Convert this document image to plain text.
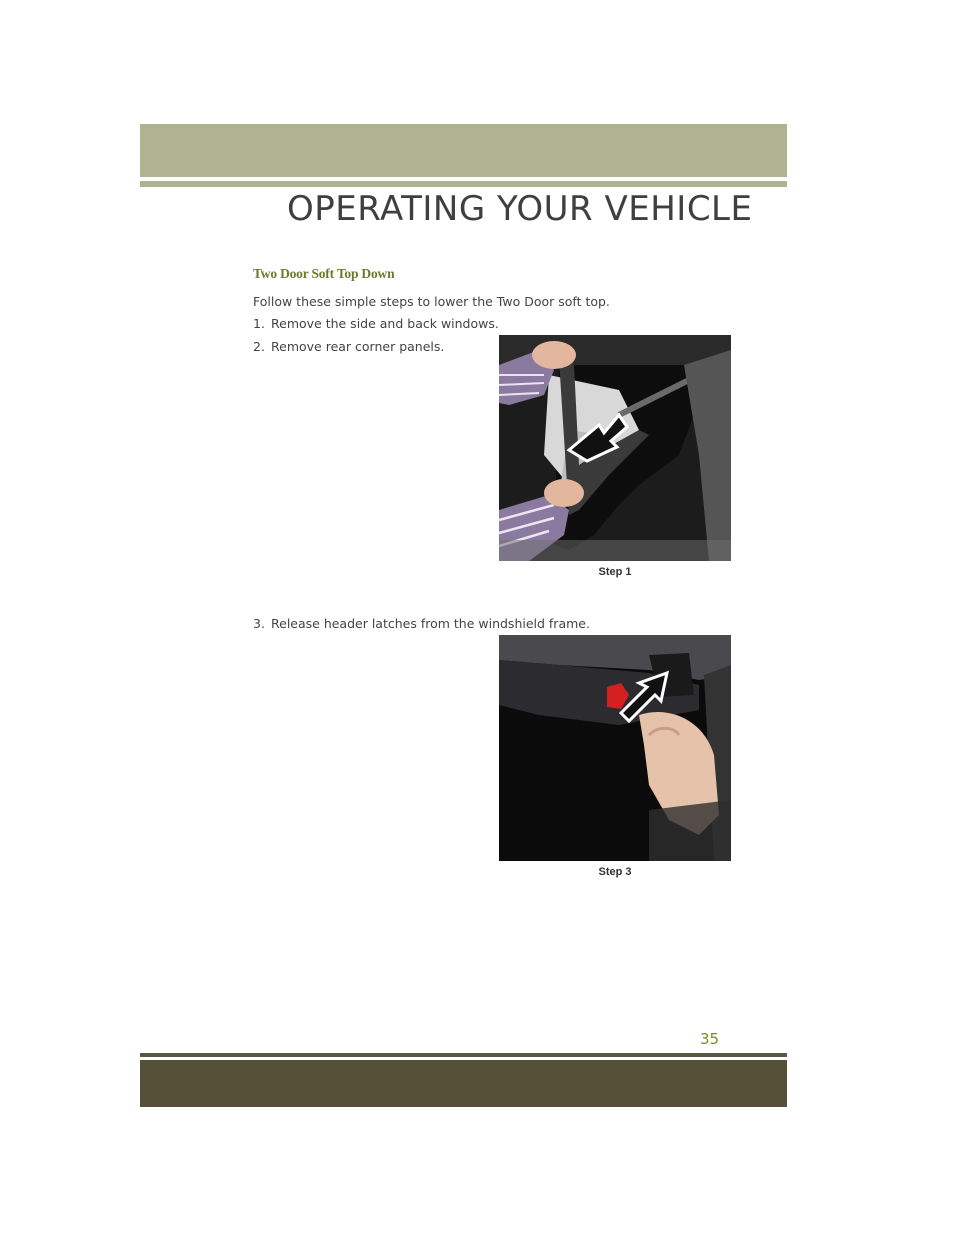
OPERATING YOUR VEHICLE
Two Door Soft Top Down
Follow these simple steps to lower the Two Door soft top.
1. Remove the side and back windows.
2. Remove rear corner panels.
Step 1
3. Release header latches from the windshield frame.
Step 3
35
